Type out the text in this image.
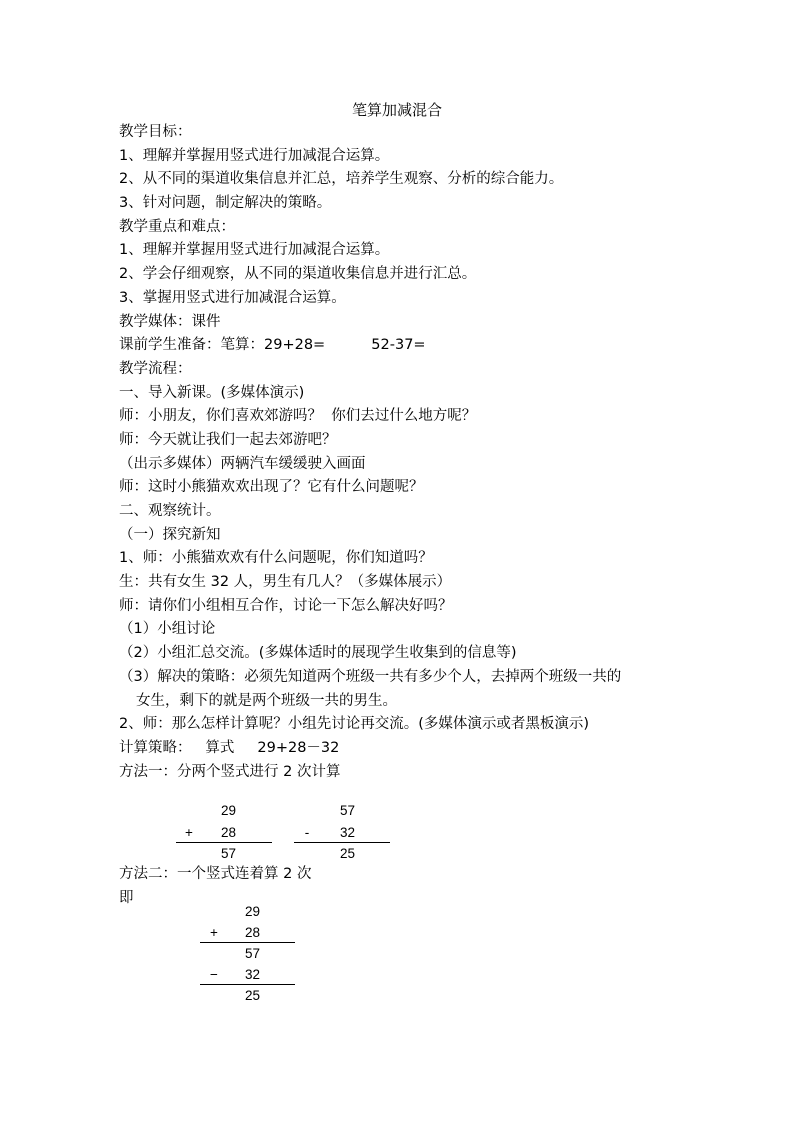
笔算加减混合
教学目标：
1、理解并掌握用竖式进行加减混合运算。
2、从不同的渠道收集信息并汇总，培养学生观察、分析的综合能力。
3、针对问题，制定解决的策略。
教学重点和难点：
1、理解并掌握用竖式进行加减混合运算。
2、学会仔细观察，从不同的渠道收集信息并进行汇总。
3、掌握用竖式进行加减混合运算。
教学媒体：课件
课前学生准备：笔算：29+28=          52-37=
教学流程：
一、导入新课。(多媒体演示)
师：小朋友，你们喜欢郊游吗？  你们去过什么地方呢？
师：今天就让我们一起去郊游吧？
（出示多媒体）两辆汽车缓缓驶入画面
师：这时小熊猫欢欢出现了？它有什么问题呢？
二、观察统计。
（一）探究新知
1、师：小熊猫欢欢有什么问题呢，你们知道吗？
生：共有女生 32 人，男生有几人？（多媒体展示）
师：请你们小组相互合作，讨论一下怎么解决好吗？
（1）小组讨论
（2）小组汇总交流。(多媒体适时的展现学生收集到的信息等)
（3）解决的策略：必须先知道两个班级一共有多少个人，去掉两个班级一共的
女生，剩下的就是两个班级一共的男生。
2、师：那么怎样计算呢？小组先讨论再交流。(多媒体演示或者黑板演示)
计算策略：   算式     29+28－32
方法一：分两个竖式进行 2 次计算
29
+	28
57
57
-	32
25
方法二：一个竖式连着算 2 次
即
29
+	28
57
−	32
25
